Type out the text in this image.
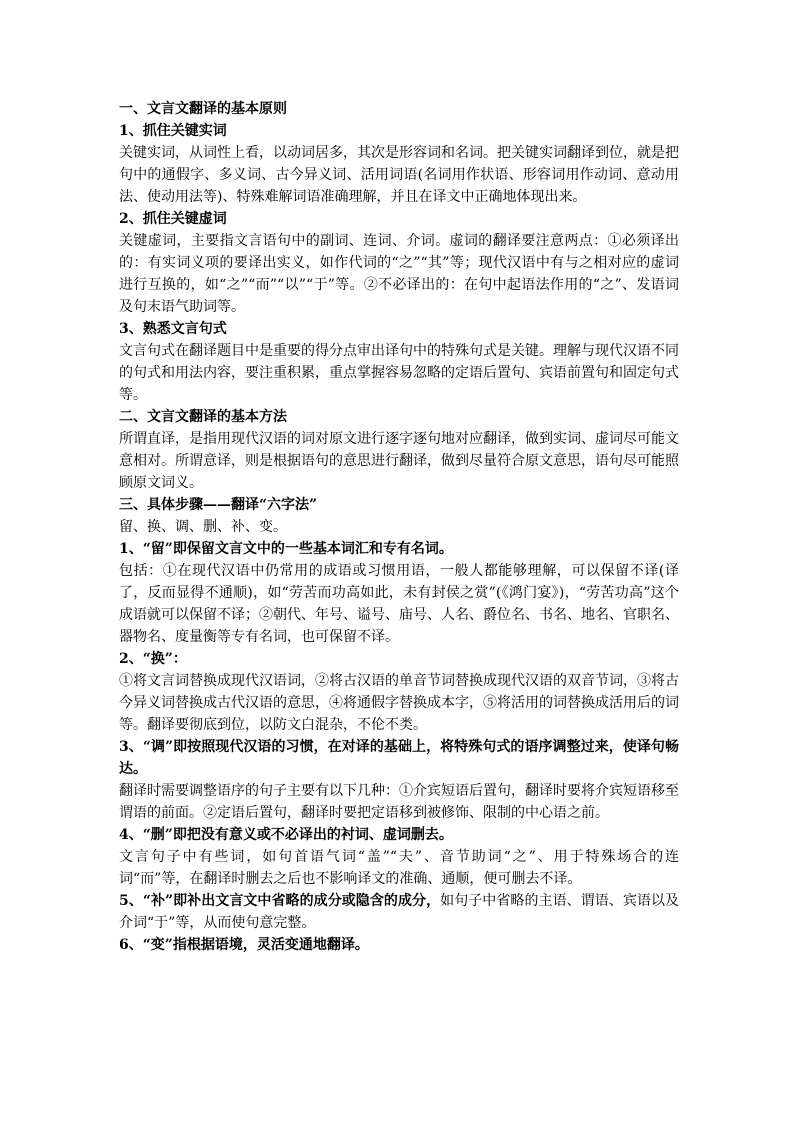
一、文言文翻译的基本原则

1、抓住关键实词

关键实词，从词性上看，以动词居多，其次是形容词和名词。把关键实词翻译到位，就是把句中的通假字、多义词、古今异义词、活用词语(名词用作状语、形容词用作动词、意动用法、使动用法等)、特殊难解词语准确理解，并且在译文中正确地体现出来。

2、抓住关键虚词

关键虚词，主要指文言语句中的副词、连词、介词。虚词的翻译要注意两点：①必须译出的：有实词义项的要译出实义，如作代词的“之”“其”等；现代汉语中有与之相对应的虚词进行互换的，如“之”“而”“以”“于”等。②不必译出的：在句中起语法作用的“之”、发语词及句末语气助词等。

3、熟悉文言句式

文言句式在翻译题目中是重要的得分点审出译句中的特殊句式是关键。理解与现代汉语不同的句式和用法内容，要注重积累，重点掌握容易忽略的定语后置句、宾语前置句和固定句式等。

二、文言文翻译的基本方法

所谓直译，是指用现代汉语的词对原文进行逐字逐句地对应翻译，做到实词、虚词尽可能文意相对。所谓意译，则是根据语句的意思进行翻译，做到尽量符合原文意思，语句尽可能照顾原文词义。

三、具体步骤——翻译“六字法”

留、换、调、删、补、变。

1、“留”即保留文言文中的一些基本词汇和专有名词。

包括：①在现代汉语中仍常用的成语或习惯用语，一般人都能够理解，可以保留不译(译了，反而显得不通顺)，如“劳苦而功高如此，未有封侯之赏”(《鸿门宴》)，“劳苦功高”这个成语就可以保留不译；②朝代、年号、谥号、庙号、人名、爵位名、书名、地名、官职名、器物名、度量衡等专有名词，也可保留不译。

2、“换”：

①将文言词替换成现代汉语词，②将古汉语的单音节词替换成现代汉语的双音节词，③将古今异义词替换成古代汉语的意思，④将通假字替换成本字，⑤将活用的词替换成活用后的词等。翻译要彻底到位，以防文白混杂，不伦不类。

3、“调”即按照现代汉语的习惯，在对译的基础上，将特殊句式的语序调整过来，使译句畅达。

翻译时需要调整语序的句子主要有以下几种：①介宾短语后置句，翻译时要将介宾短语移至谓语的前面。②定语后置句，翻译时要把定语移到被修饰、限制的中心语之前。

4、“删”即把没有意义或不必译出的衬词、虚词删去。

文言句子中有些词，如句首语气词“盖”“夫”、音节助词“之”、用于特殊场合的连词“而”等，在翻译时删去之后也不影响译文的准确、通顺，便可删去不译。

5、“补”即补出文言文中省略的成分或隐含的成分，如句子中省略的主语、谓语、宾语以及介词“于”等，从而使句意完整。

6、“变”指根据语境，灵活变通地翻译。
